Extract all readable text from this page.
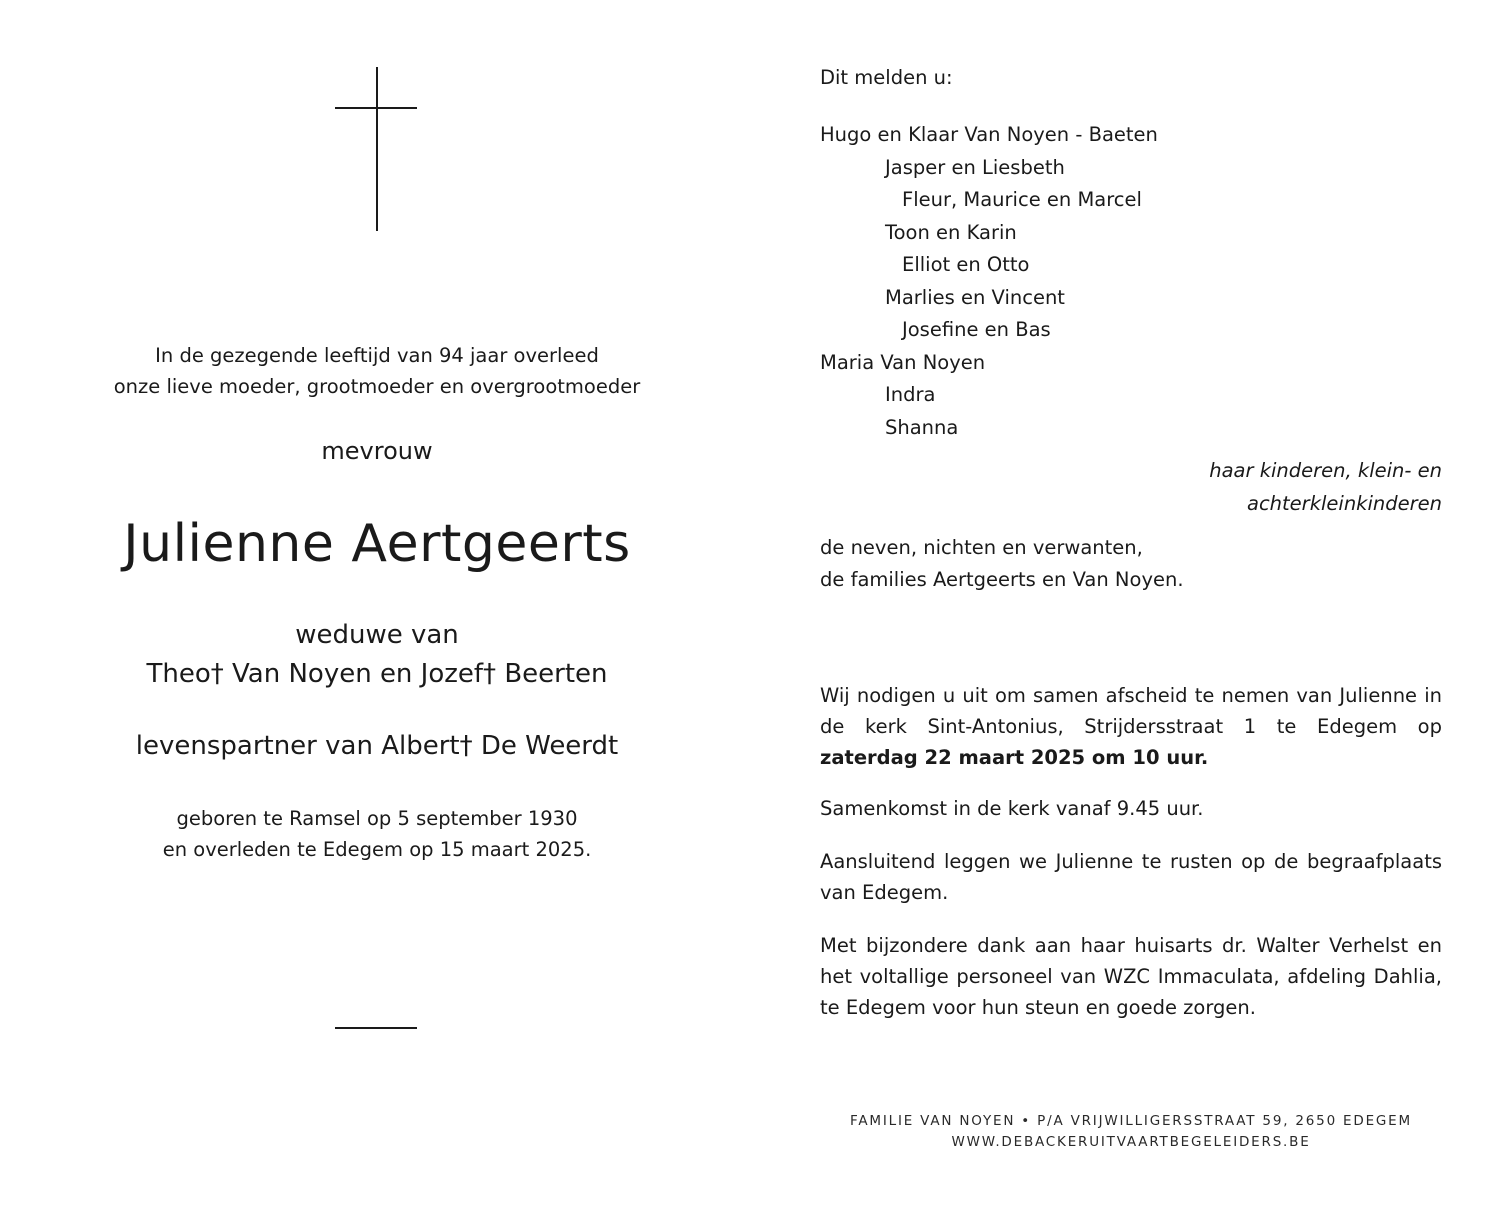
In de gezegende leeftijd van 94 jaar overleed
onze lieve moeder, grootmoeder en overgrootmoeder
mevrouw
Julienne Aertgeerts
weduwe van
Theo† Van Noyen en Jozef† Beerten
levenspartner van Albert† De Weerdt
geboren te Ramsel op 5 september 1930
en overleden te Edegem op 15 maart 2025.
Dit melden u:
Hugo en Klaar Van Noyen - Baeten
Jasper en Liesbeth
Fleur, Maurice en Marcel
Toon en Karin
Elliot en Otto
Marlies en Vincent
Josefine en Bas
Maria Van Noyen
Indra
Shanna
haar kinderen, klein- en
achterkleinkinderen
de neven, nichten en verwanten,
de families Aertgeerts en Van Noyen.
Wij nodigen u uit om samen afscheid te nemen van Julienne in de kerk Sint-Antonius, Strijdersstraat 1 te Edegem op zaterdag 22 maart 2025 om 10 uur.
Samenkomst in de kerk vanaf 9.45 uur.
Aansluitend leggen we Julienne te rusten op de begraafplaats van Edegem.
Met bijzondere dank aan haar huisarts dr. Walter Verhelst en het voltallige personeel van WZC Immaculata, afdeling Dahlia, te Edegem voor hun steun en goede zorgen.
FAMILIE VAN NOYEN • P/A VRIJWILLIGERSSTRAAT 59, 2650 EDEGEM
WWW.DEBACKERUITVAARTBEGELEIDERS.BE
